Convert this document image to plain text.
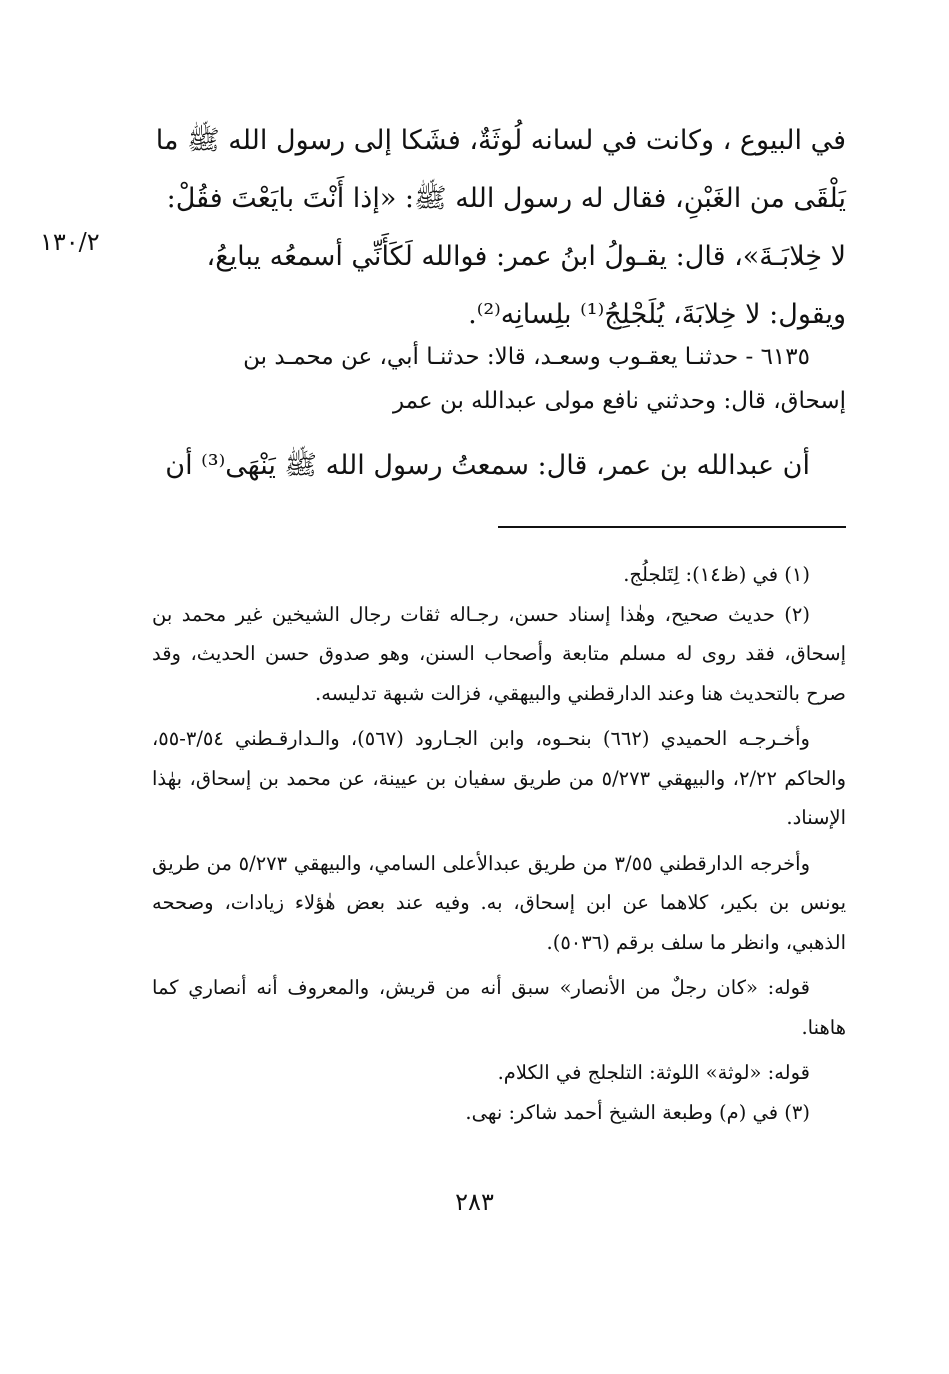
في البيوع ، وكانت في لسانه لُوثَةٌ، فشَكا إلى رسول الله ﷺ ما

يَلْقَى من الغَبْنِ، فقال له رسول الله ﷺ: «إذا أَنْتَ بايَعْتَ فقُلْ:

لا خِلابَـةَ»، قال: يقـولُ ابنُ عمر: فوالله لَكَأَنِّي أسمعُه يبايعُ،

ويقول: لا خِلابَةَ، يُلَجْلِجُ⁽¹⁾ بلِسانِه⁽²⁾.

١٣٠/٢

٦١٣٥ - حدثنـا يعقـوب وسعـد، قالا: حدثنـا أبي، عن محمـد بن

إسحاق، قال: وحدثني نافع مولى عبدالله بن عمر

أن عبدالله بن عمر، قال: سمعتُ رسول الله ﷺ يَنْهَى⁽³⁾ أن

(١) في (ظ١٤): لِتَلجلُج.

(٢) حديث صحيح، وهٰذا إسناد حسن، رجـاله ثقات رجال الشيخين غير محمد بن إسحاق، فقد روى له مسلم متابعة وأصحاب السنن، وهو صدوق حسن الحديث، وقد صرح بالتحديث هنا وعند الدارقطني والبيهقي، فزالت شبهة تدليسه.

وأخـرجـه الحميدي (٦٦٢) بنحـوه، وابن الجـارود (٥٦٧)، والـدارقـطني ٣/٥٤-٥٥، والحاكم ٢/٢٢، والبيهقي ٥/٢٧٣ من طريق سفيان بن عيينة، عن محمد بن إسحاق، بهٰذا الإسناد.

وأخرجه الدارقطني ٣/٥٥ من طريق عبدالأعلى السامي، والبيهقي ٥/٢٧٣ من طريق يونس بن بكير، كلاهما عن ابن إسحاق، به. وفيه عند بعض هٰؤلاء زيادات، وصححه الذهبي، وانظر ما سلف برقم (٥٠٣٦).

قوله: «كان رجلٌ من الأنصار» سبق أنه من قريش، والمعروف أنه أنصاري كما هاهنا.

قوله: «لوثة» اللوثة: التلجلج في الكلام.

(٣) في (م) وطبعة الشيخ أحمد شاكر: نهى.

٢٨٣
